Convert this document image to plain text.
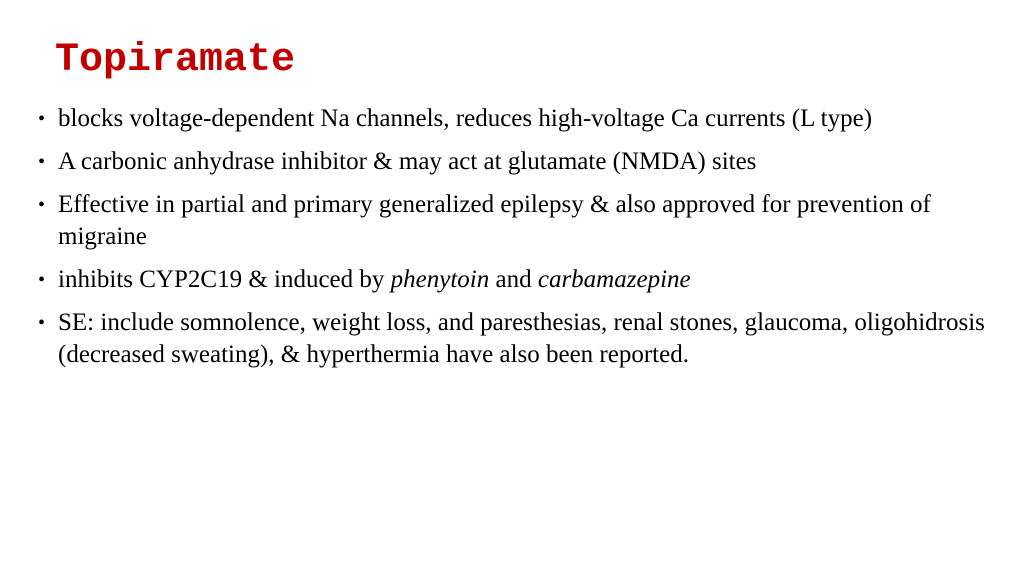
Topiramate
• blocks voltage-dependent Na channels, reduces high-voltage Ca currents (L type)
• A carbonic anhydrase inhibitor & may act at glutamate (NMDA) sites
• Effective in partial and primary generalized epilepsy & also approved for prevention of migraine
• inhibits CYP2C19 & induced by phenytoin and carbamazepine
• SE: include somnolence, weight loss, and paresthesias, renal stones, glaucoma, oligohidrosis (decreased sweating), & hyperthermia have also been reported.
